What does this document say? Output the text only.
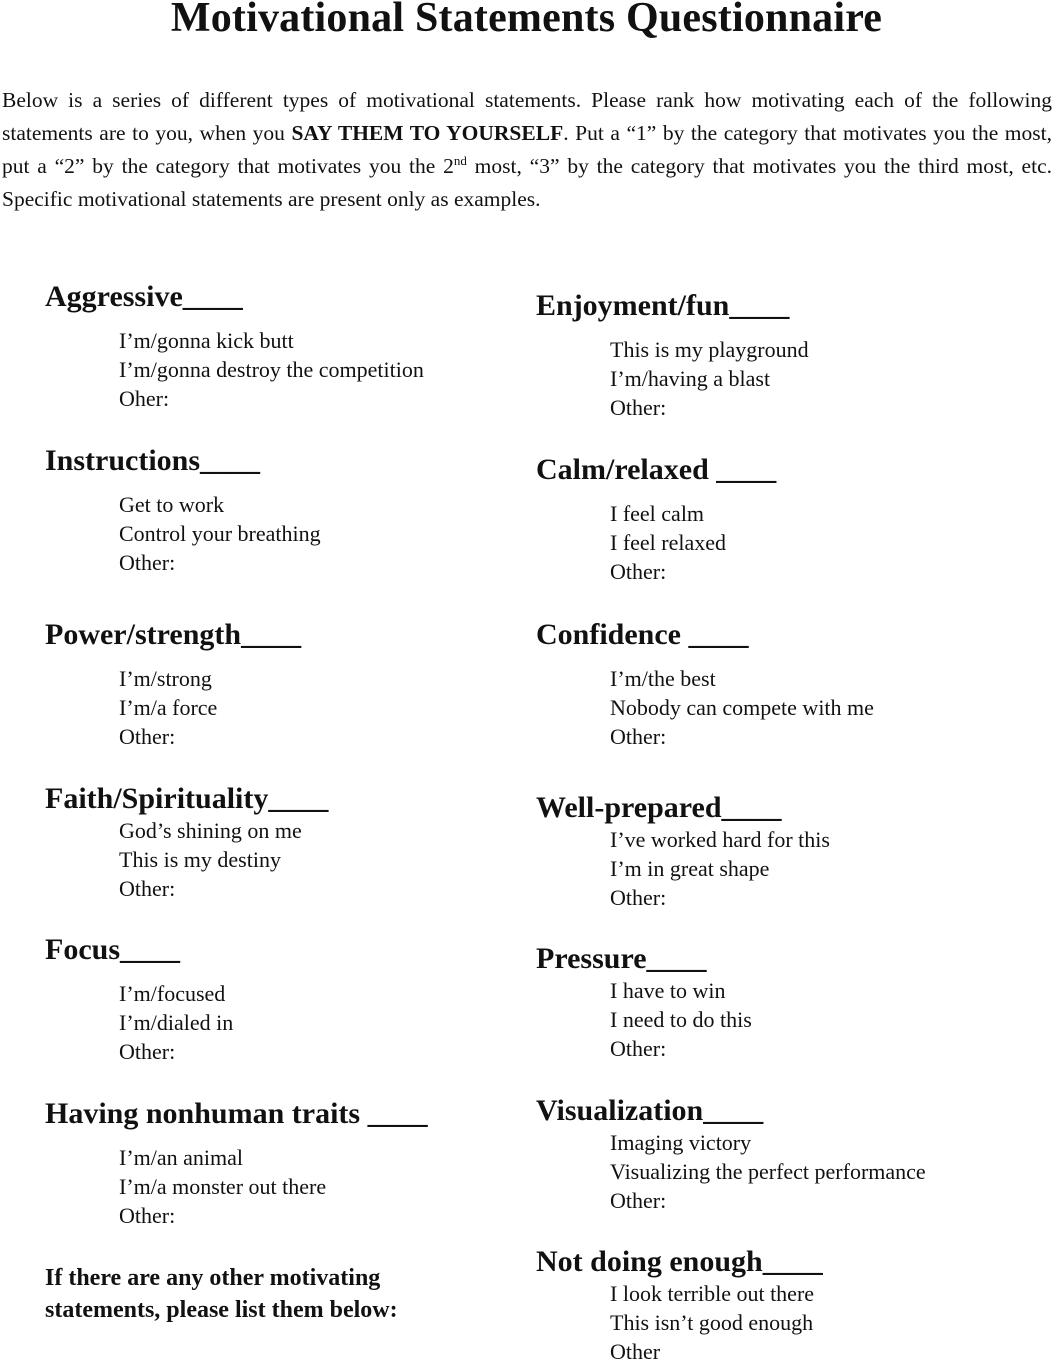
Motivational Statements Questionnaire

Below is a series of different types of motivational statements. Please rank how motivating each of the following statements are to you, when you SAY THEM TO YOURSELF. Put a “1” by the category that motivates you the most, put a “2” by the category that motivates you the 2nd most, “3” by the category that motivates you the third most, etc. Specific motivational statements are present only as examples.

Aggressive____
I’m/gonna kick butt
I’m/gonna destroy the competition
Oher:
Instructions____
Get to work
Control your breathing
Other:
Power/strength____
I’m/strong
I’m/a force
Other:
Faith/Spirituality____
God’s shining on me
This is my destiny
Other:
Focus____
I’m/focused
I’m/dialed in
Other:
Having nonhuman traits ____
I’m/an animal
I’m/a monster out there
Other:
If there are any other motivating
statements, please list them below:
Enjoyment/fun____
This is my playground
I’m/having a blast
Other:
Calm/relaxed ____
I feel calm
I feel relaxed
Other:
Confidence ____
I’m/the best
Nobody can compete with me
Other:
Well-prepared____
I’ve worked hard for this
I’m in great shape
Other:
Pressure____
I have to win
I need to do this
Other:
Visualization____
Imaging victory
Visualizing the perfect performance
Other:
Not doing enough____
I look terrible out there
This isn’t good enough
Other
